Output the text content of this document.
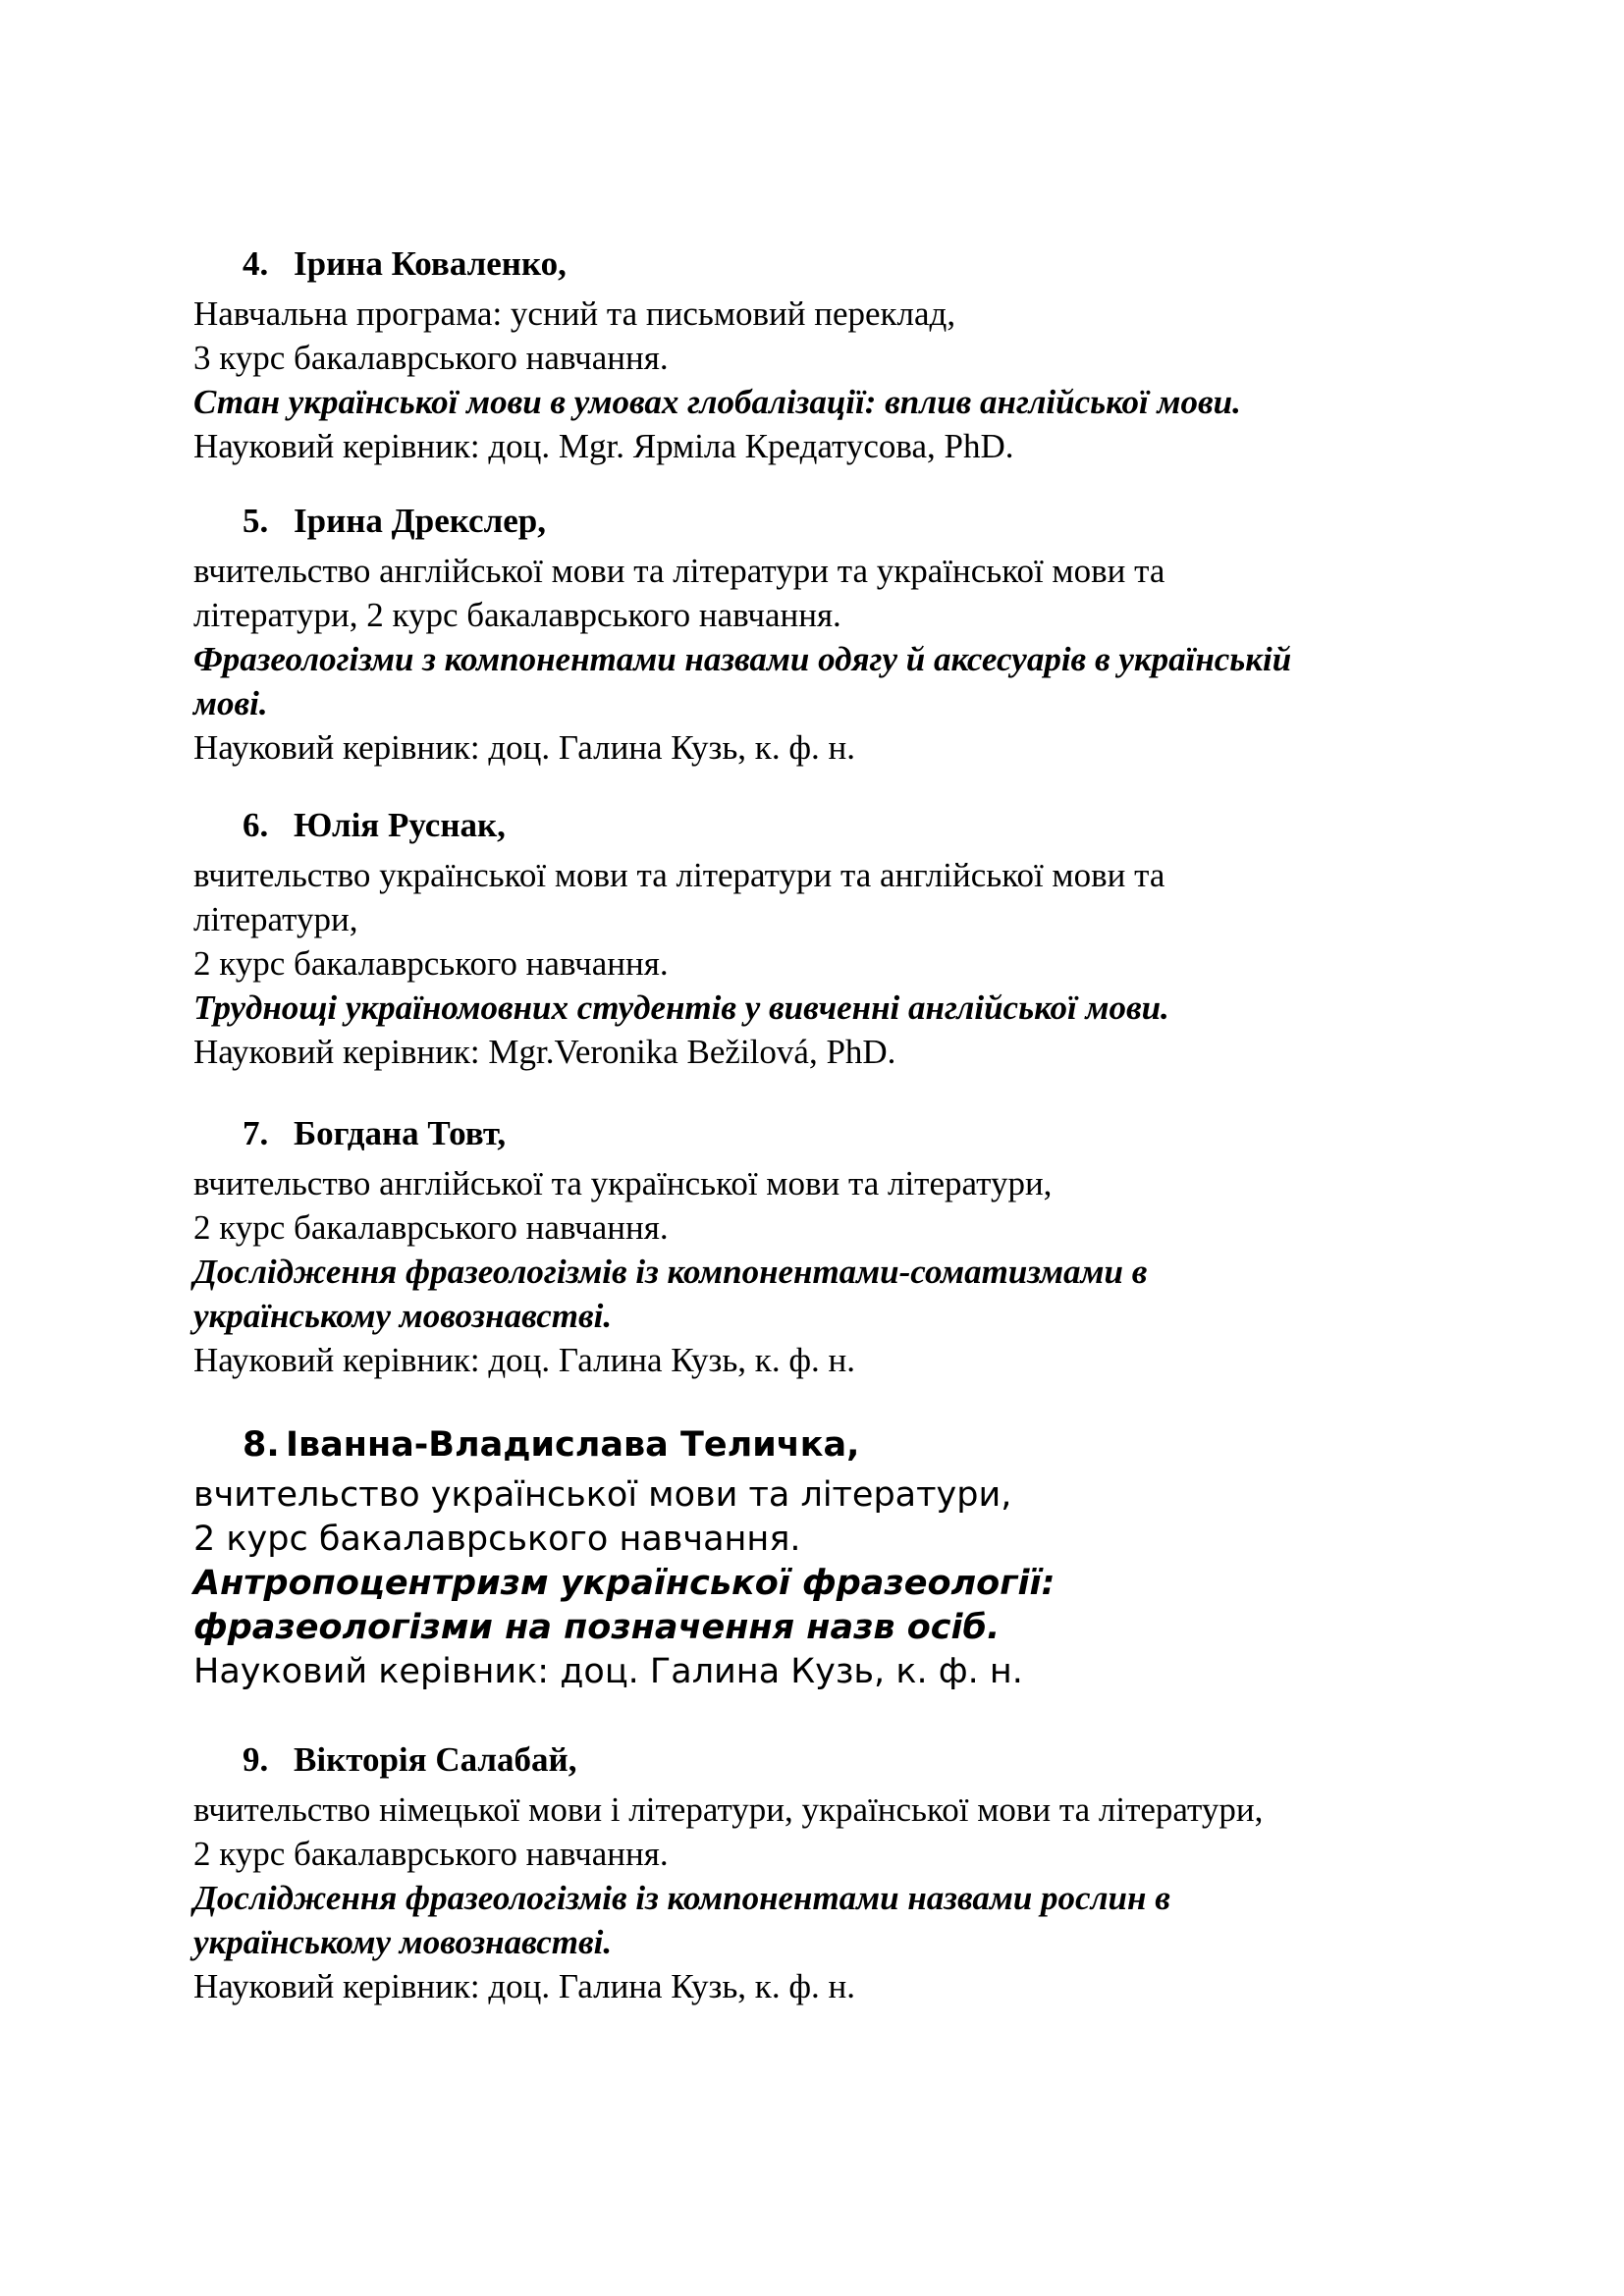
4. Ірина Коваленко,
Навчальна програма: усний та письмовий переклад,
3 курс бакалаврського навчання.
Стан української мови в умовах глобалізації: вплив англійської мови.
Науковий керівник: доц. Mgr. Ярміла Кредатусова, PhD.
5. Ірина Дрекслер,
вчительство англійської мови та літератури та української мови та
літератури, 2 курс бакалаврського навчання.
Фразеологізми з компонентами назвами одягу й аксесуарів в українській
мові.
Науковий керівник: доц. Галина Кузь, к. ф. н.
6. Юлія Руснак,
вчительство української мови та літератури та англійської мови та
літератури,
2 курс бакалаврського навчання.
Труднощі україномовних студентів у вивченні англійської мови.
Науковий керівник: Mgr.Veronika Bežilová, PhD.
7. Богдана Товт,
вчительство англійської та української мови та літератури,
2 курс бакалаврського навчання.
Дослідження фразеологізмів із компонентами-соматизмами в
українському мовознавстві.
Науковий керівник: доц. Галина Кузь, к. ф. н.
8. Іванна-Владислава Теличка,
вчительство української мови та літератури,
2 курс бакалаврського навчання.
Антропоцентризм української фразеології:
фразеологізми на позначення назв осіб.
Науковий керівник: доц. Галина Кузь, к. ф. н.
9. Вікторія Салабай,
вчительство німецької мови і літератури, української мови та літератури,
2 курс бакалаврського навчання.
Дослідження фразеологізмів із компонентами назвами рослин в
українському мовознавстві.
Науковий керівник: доц. Галина Кузь, к. ф. н.
